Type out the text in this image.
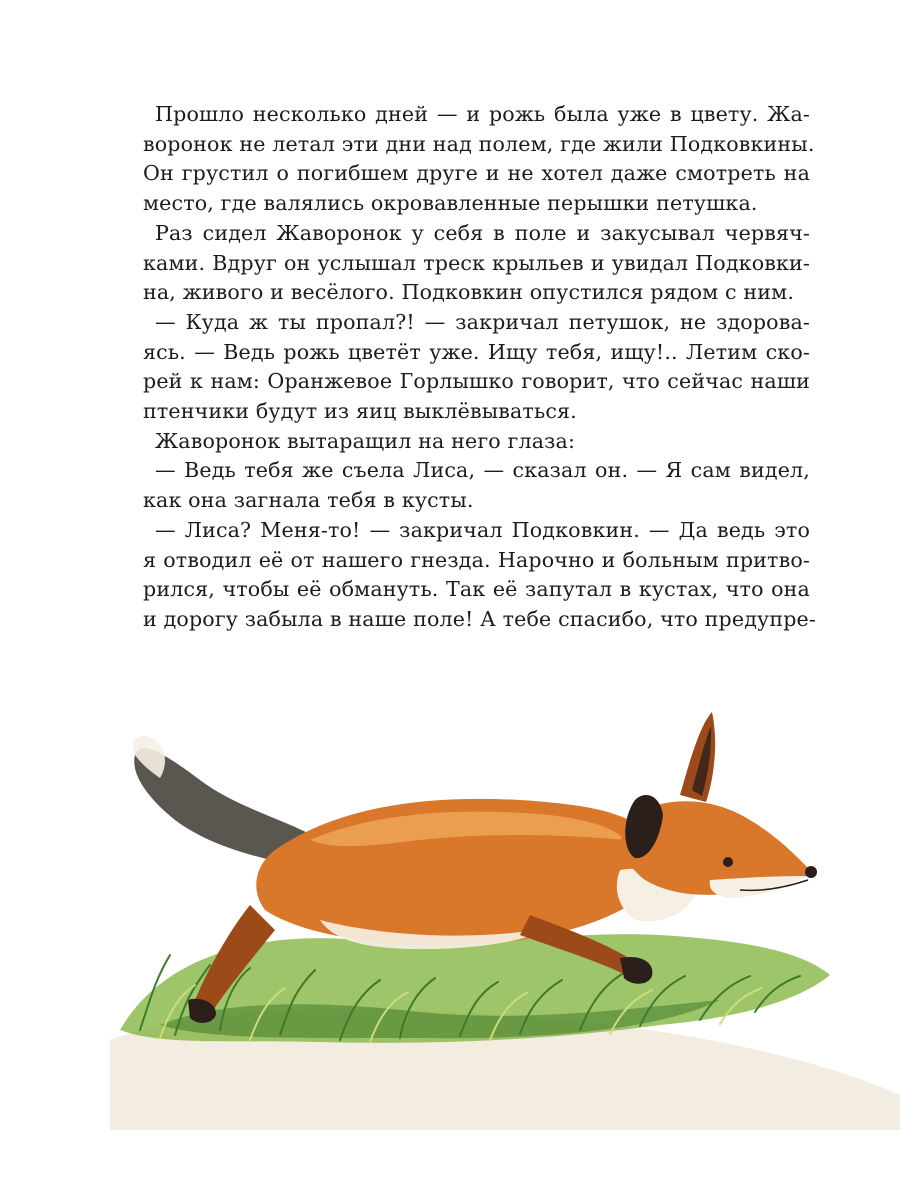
Прошло несколько дней — и рожь была уже в цвету. Жа-
воронок не летал эти дни над полем, где жили Подковкины.
Он грустил о погибшем друге и не хотел даже смотреть на
место, где валялись окровавленные перышки петушка.
Раз сидел Жаворонок у себя в поле и закусывал червяч-
ками. Вдруг он услышал треск крыльев и увидал Подковки-
на, живого и весёлого. Подковкин опустился рядом с ним.
— Куда ж ты пропал?! — закричал петушок, не здорова-
ясь. — Ведь рожь цветёт уже. Ищу тебя, ищу!.. Летим ско-
рей к нам: Оранжевое Горлышко говорит, что сейчас наши
птенчики будут из яиц выклёвываться.
Жаворонок вытаращил на него глаза:
— Ведь тебя же съела Лиса, — сказал он. — Я сам видел,
как она загнала тебя в кусты.
— Лиса? Меня-то! — закричал Подковкин. — Да ведь это
я отводил её от нашего гнезда. Нарочно и больным притво-
рился, чтобы её обмануть. Так её запутал в кустах, что она
и дорогу забыла в наше поле! А тебе спасибо, что предупре-
